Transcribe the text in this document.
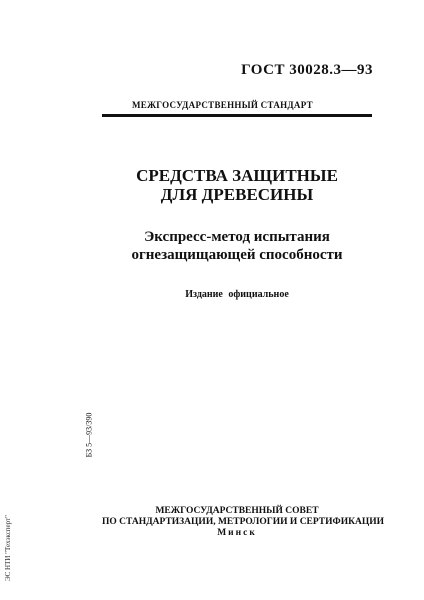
ГОСТ 30028.3—93
МЕЖГОСУДАРСТВЕННЫЙ СТАНДАРТ
СРЕДСТВА ЗАЩИТНЫЕ
ДЛЯ ДРЕВЕСИНЫ
Экспресс-метод испытания
огнезащищающей способности
Издание официальное
БЗ 5—93/390
ЭС НТИ "Техэксперт"
МЕЖГОСУДАРСТВЕННЫЙ СОВЕТ
ПО СТАНДАРТИЗАЦИИ, МЕТРОЛОГИИ И СЕРТИФИКАЦИИ
Минск
